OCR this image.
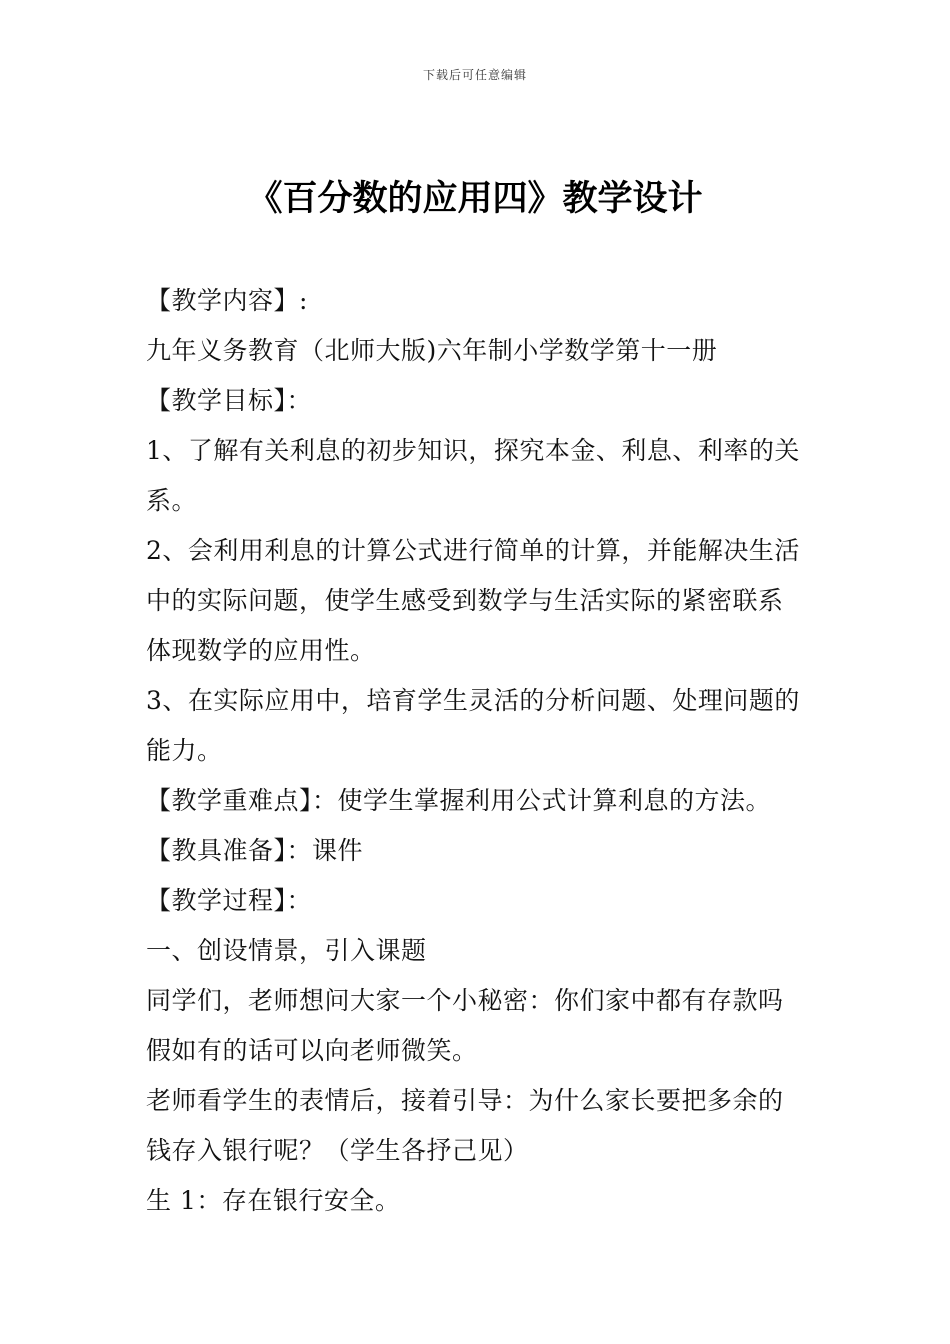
下载后可任意编辑
《百分数的应用四》教学设计

【教学内容】:

九年义务教育（北师大版)六年制小学数学第十一册

【教学目标】：

1、了解有关利息的初步知识，探究本金、利息、利率的关

系。

2、会利用利息的计算公式进行简单的计算，并能解决生活

中的实际问题，使学生感受到数学与生活实际的紧密联系

体现数学的应用性。

3、在实际应用中，培育学生灵活的分析问题、处理问题的

能力。

【教学重难点】：使学生掌握利用公式计算利息的方法。

【教具准备】：课件

【教学过程】：

一、创设情景，引入课题

同学们，老师想问大家一个小秘密：你们家中都有存款吗

假如有的话可以向老师微笑。

老师看学生的表情后，接着引导：为什么家长要把多余的

钱存入银行呢？（学生各抒己见）

生 1：存在银行安全。
